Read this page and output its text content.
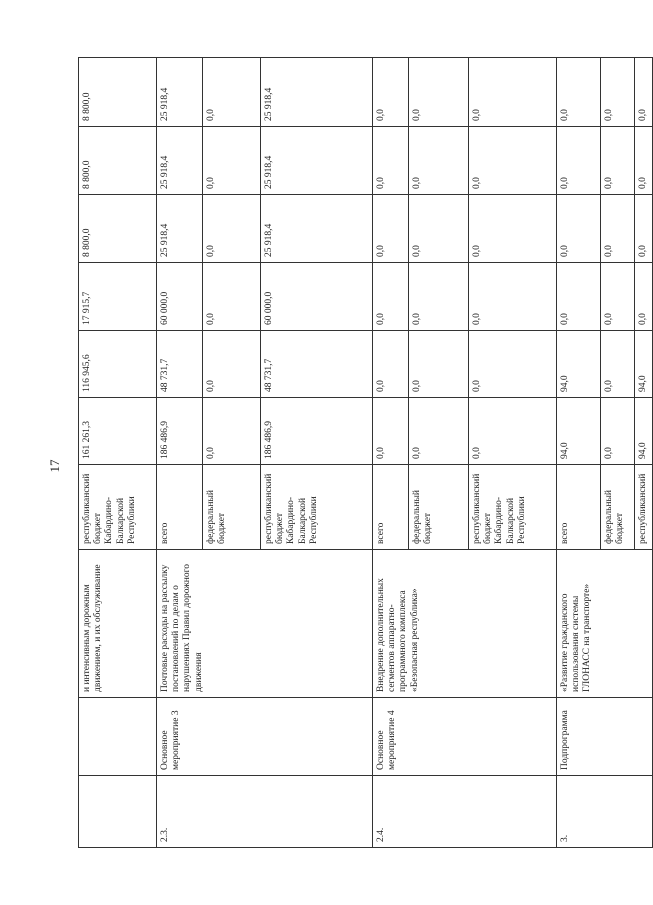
17
		и интенсивным дорожным движением, и их обслуживание	республиканский бюджет Кабардино-Балкарской Республики	161 261,3	116 945,6	17 915,7	8 800,0	8 800,0	8 800,0
2.3.	Основное мероприятие 3	Почтовые расходы на рассылку постановлений по делам о нарушениях Правил дорожного движения	всего	186 486,9	48 731,7	60 000,0	25 918,4	25 918,4	25 918,4
			федеральный бюджет	0,0	0,0	0,0	0,0	0,0	0,0
			республиканский бюджет Кабардино-Балкарской Республики	186 486,9	48 731,7	60 000,0	25 918,4	25 918,4	25 918,4
2.4.	Основное мероприятие 4	Внедрение дополнительных сегментов аппаратно-программного комплекса «Безопасная республика»	всего	0,0	0,0	0,0	0,0	0,0	0,0
			федеральный бюджет	0,0	0,0	0,0	0,0	0,0	0,0
			республиканский бюджет Кабардино-Балкарской Республики	0,0	0,0	0,0	0,0	0,0	0,0
3.	Подпрограмма	«Развитие гражданского использования системы ГЛОНАСС на транспорте»	всего	94,0	94,0	0,0	0,0	0,0	0,0
			федеральный бюджет	0,0	0,0	0,0	0,0	0,0	0,0
			республиканский	94,0	94,0	0,0	0,0	0,0	0,0
